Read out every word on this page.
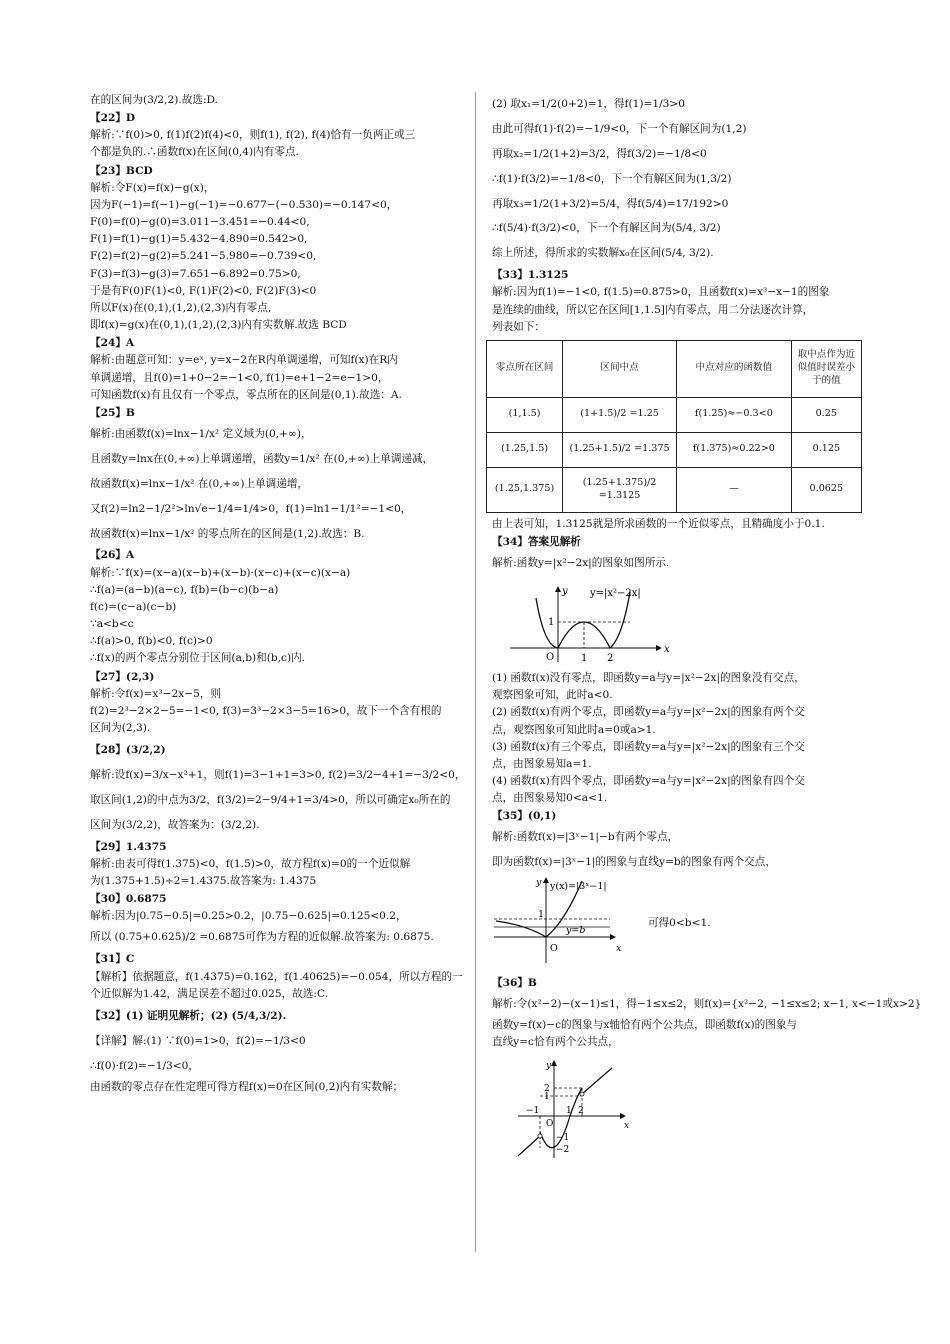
在的区间为(3/2,2).故选:D.
【22】D
解析:∵f(0)>0, f(1)f(2)f(4)<0，则f(1), f(2), f(4)恰有一负两正或三
个都是负的.∴函数f(x)在区间(0,4)内有零点.
【23】BCD
解析:令F(x)=f(x)−g(x)，
因为F(−1)=f(−1)−g(−1)=−0.677−(−0.530)=−0.147<0，
F(0)=f(0)−g(0)=3.011−3.451=−0.44<0,
F(1)=f(1)−g(1)=5.432−4.890=0.542>0,
F(2)=f(2)−g(2)=5.241−5.980=−0.739<0,
F(3)=f(3)−g(3)=7.651−6.892=0.75>0,
于是有F(0)F(1)<0, F(1)F(2)<0, F(2)F(3)<0
所以F(x)在(0,1),(1,2),(2,3)内有零点,
即f(x)=g(x)在(0,1),(1,2),(2,3)内有实数解.故选 BCD
【24】A
解析:由题意可知：y=eˣ, y=x−2在R内单调递增，可知f(x)在R内
单调递增，且f(0)=1+0−2=−1<0, f(1)=e+1−2=e−1>0，
可知函数f(x)有且仅有一个零点，零点所在的区间是(0,1).故选：A.
【25】B
解析:由函数f(x)=lnx−1/x² 定义域为(0,+∞)，
且函数y=lnx在(0,+∞)上单调递增，函数y=1/x² 在(0,+∞)上单调递减，
故函数f(x)=lnx−1/x² 在(0,+∞)上单调递增，
又f(2)=ln2−1/2²>ln√e−1/4=1/4>0，f(1)=ln1−1/1²=−1<0，
故函数f(x)=lnx−1/x² 的零点所在的区间是(1,2).故选：B.
【26】A
解析:∵f(x)=(x−a)(x−b)+(x−b)·(x−c)+(x−c)(x−a)
∴f(a)=(a−b)(a−c), f(b)=(b−c)(b−a)
f(c)=(c−a)(c−b)
∵a<b<c
∴f(a)>0, f(b)<0, f(c)>0
∴f(x)的两个零点分别位于区间(a,b)和(b,c)内.
【27】(2,3)
解析:令f(x)=x³−2x−5，则
f(2)=2³−2×2−5=−1<0, f(3)=3³−2×3−5=16>0，故下一个含有根的
区间为(2,3).
【28】(3/2,2)
解析:设f(x)=3/x−x²+1，则f(1)=3−1+1=3>0, f(2)=3/2−4+1=−3/2<0，
取区间(1,2)的中点为3/2，f(3/2)=2−9/4+1=3/4>0，所以可确定x₀所在的
区间为(3/2,2)，故答案为：(3/2,2).
【29】1.4375
解析:由表可得f(1.375)<0，f(1.5)>0，故方程f(x)=0的一个近似解
为(1.375+1.5)÷2=1.4375.故答案为: 1.4375
【30】0.6875
解析:因为|0.75−0.5|=0.25>0.2，|0.75−0.625|=0.125<0.2，
所以 (0.75+0.625)/2 =0.6875可作为方程的近似解.故答案为: 0.6875.
【31】C
【解析】依据题意，f(1.4375)=0.162，f(1.40625)=−0.054，所以方程的一
个近似解为1.42，满足误差不超过0.025，故选:C.
【32】(1) 证明见解析；(2) (5/4,3/2).
【详解】解:(1) ∵f(0)=1>0，f(2)=−1/3<0
∴f(0)·f(2)=−1/3<0，
由函数的零点存在性定理可得方程f(x)=0在区间(0,2)内有实数解；
(2) 取x₁=1/2(0+2)=1，得f(1)=1/3>0
由此可得f(1)·f(2)=−1/9<0，下一个有解区间为(1,2)
再取x₂=1/2(1+2)=3/2，得f(3/2)=−1/8<0
∴f(1)·f(3/2)=−1/8<0，下一个有解区间为(1,3/2)
再取x₃=1/2(1+3/2)=5/4，得f(5/4)=17/192>0
∴f(5/4)·f(3/2)<0，下一个有解区间为(5/4, 3/2)
综上所述，得所求的实数解x₀在区间(5/4, 3/2).
【33】1.3125
解析:因为f(1)=−1<0, f(1.5)=0.875>0，且函数f(x)=x³−x−1的图象
是连续的曲线，所以它在区间[1,1.5]内有零点，用二分法逐次计算，
列表如下：
零点所在区间	区间中点	中点对应的函数值	取中点作为近似值时误差小于的值
(1,1.5)	(1+1.5)/2 =1.25	f(1.25)≈−0.3<0	0.25
(1.25,1.5)	(1.25+1.5)/2 =1.375	f(1.375)≈0.22>0	0.125
(1.25,1.375)	(1.25+1.375)/2 =1.3125	—	0.0625
由上表可知，1.3125就是所求函数的一个近似零点，且精确度小于0.1.
【34】答案见解析
解析:函数y=|x²−2x|的图象如图所示.
y=|x²−2x|
O	1 2
1
x
y
(1) 函数f(x)没有零点，即函数y=a与y=|x²−2x|的图象没有交点，
观察图象可知，此时a<0.
(2) 函数f(x)有两个零点，即函数y=a与y=|x²−2x|的图象有两个交
点，观察图象可知此时a=0或a>1.
(3) 函数f(x)有三个零点，即函数y=a与y=|x²−2x|的图象有三个交
点，由图象易知a=1.
(4) 函数f(x)有四个零点，即函数y=a与y=|x²−2x|的图象有四个交
点，由图象易知0<a<1.
【35】(0,1)
解析:函数f(x)=|3ˣ−1|−b有两个零点，
即为函数f(x)=|3ˣ−1|的图象与直线y=b的图象有两个交点，
y(x)=|3ˣ−1|
y=b
1
O	x
y
可得0<b<1.
【36】B
解析:令(x²−2)−(x−1)≤1，得−1≤x≤2，则f(x)={x²−2, −1≤x≤2; x−1, x<−1或x>2}
函数y=f(x)−c的图象与x轴恰有两个公共点，即函数f(x)的图象与
直线y=c恰有两个公共点，
2
1
−1
O
1 2
−1
−2
x
y
